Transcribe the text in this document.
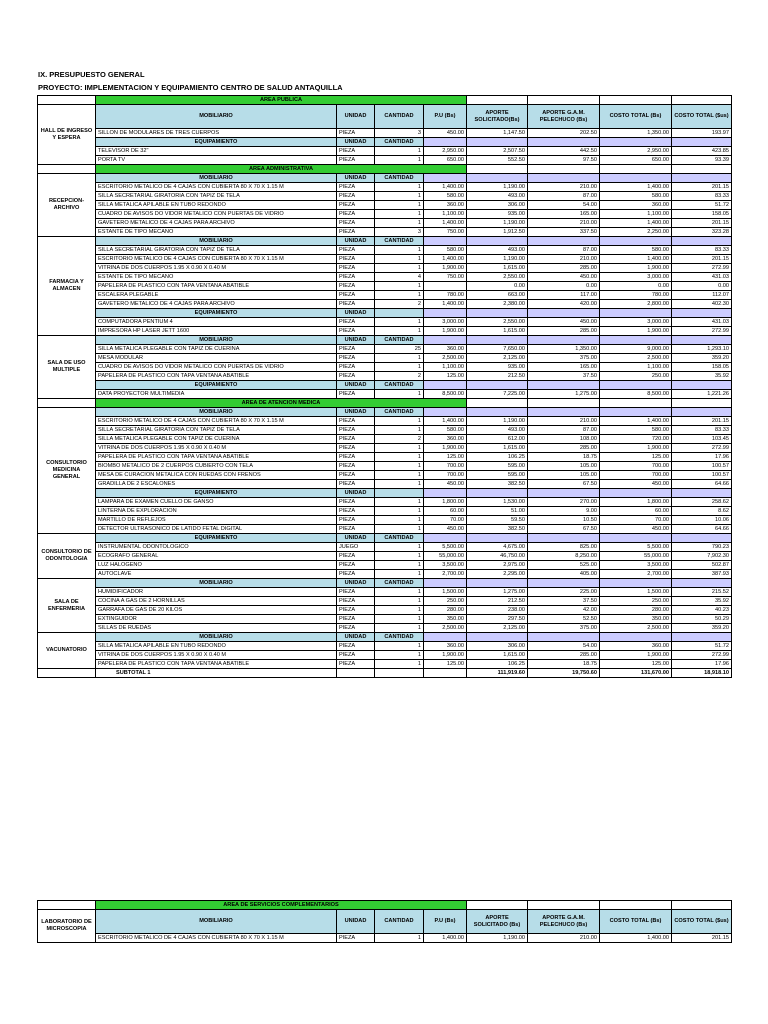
IX. PRESUPUESTO GENERAL
PROYECTO: IMPLEMENTACION Y EQUIPAMIENTO CENTRO DE SALUD ANTAQUILLA
	AREA PUBLICA							
HALL DE INGRESO Y ESPERA	MOBILIARIO	UNIDAD	CANTIDAD	P.U (Bs)	APORTE SOLICITADO(Bs)	APORTE G.A.M. PELECHUCO (Bs)	COSTO TOTAL (Bs)	COSTO TOTAL ($us)
	SILLON DE MODULARES DE TRES CUERPOS	PIEZA	3	450.00	1,147.50	202.50	1,350.00	193.97
	EQUIPAMIENTO	UNIDAD	CANTIDAD					
	TELEVISOR DE 32"	PIEZA	1	2,950.00	2,507.50	442.50	2,950.00	423.85
	PORTA TV	PIEZA	1	650.00	552.50	97.50	650.00	93.39
	AREA ADMINISTRATIVA							
RECEPCION-ARCHIVO	MOBILIARIO	UNIDAD	CANTIDAD					
	ESCRITORIO METALICO DE 4 CAJAS CON CUBIERTA 80 X 70 X 1.15 M	PIEZA	1	1,400.00	1,190.00	210.00	1,400.00	201.15
	SILLA SECRETARIAL GIRATORIA CON TAPIZ DE TELA	PIEZA	1	580.00	493.00	87.00	580.00	83.33
	SILLA METALICA APILABLE EN TUBO REDONDO	PIEZA	1	360.00	306.00	54.00	360.00	51.72
	CUADRO DE AVISOS DO VIDOR METALICO CON PUERTAS DE VIDRIO	PIEZA	1	1,100.00	935.00	165.00	1,100.00	158.05
	GAVETERO METALICO DE 4 CAJAS PARA ARCHIVO	PIEZA	1	1,400.00	1,190.00	210.00	1,400.00	201.15
	ESTANTE DE TIPO MECANO	PIEZA	3	750.00	1,912.50	337.50	2,250.00	323.28
FARMACIA Y ALMACEN	MOBILIARIO	UNIDAD	CANTIDAD					
	SILLA SECRETARIAL GIRATORIA CON TAPIZ DE TELA	PIEZA	1	580.00	493.00	87.00	580.00	83.33
	ESCRITORIO METALICO DE 4 CAJAS CON CUBIERTA 80 X 70 X 1.15 M	PIEZA	1	1,400.00	1,190.00	210.00	1,400.00	201.15
	VITRINA DE DOS CUERPOS 1.95 X 0.90 X 0.40 M	PIEZA	1	1,900.00	1,615.00	285.00	1,900.00	272.99
	ESTANTE DE TIPO MECANO	PIEZA	4	750.00	2,550.00	450.00	3,000.00	431.03
	PAPELERA DE PLASTICO CON TAPA VENTANA ABATIBLE	PIEZA	1		0.00	0.00	0.00	0.00
	ESCALERA PLEGABLE	PIEZA	1	780.00	663.00	117.00	780.00	112.07
	GAVETERO METALICO DE 4 CAJAS PARA ARCHIVO	PIEZA	2	1,400.00	2,380.00	420.00	2,800.00	402.30
	EQUIPAMIENTO	UNIDAD						
	COMPUTADORA PENTIUM 4	PIEZA	1	3,000.00	2,550.00	450.00	3,000.00	431.03
	IMPRESORA HP LASER JETT 1600	PIEZA	1	1,900.00	1,615.00	285.00	1,900.00	272.99
SALA DE USO MULTIPLE	MOBILIARIO	UNIDAD	CANTIDAD					
	SILLA METALICA PLEGABLE CON TAPIZ DE CUERINA	PIEZA	25	360.00	7,650.00	1,350.00	9,000.00	1,293.10
	MESA MODULAR	PIEZA	1	2,500.00	2,125.00	375.00	2,500.00	359.20
	CUADRO DE AVISOS DO VIDOR METALICO CON PUERTAS DE VIDRIO	PIEZA	1	1,100.00	935.00	165.00	1,100.00	158.05
	PAPELERA DE PLASTICO CON TAPA VENTANA ABATIBLE	PIEZA	2	125.00	212.50	37.50	250.00	35.92
	EQUIPAMIENTO	UNIDAD	CANTIDAD					
	DATA PROYECTOR MULTIMEDIA	PIEZA	1	8,500.00	7,225.00	1,275.00	8,500.00	1,221.26
	AREA DE ATENCION MEDICA							
CONSULTORIO MEDICINA GENERAL	MOBILIARIO	UNIDAD	CANTIDAD					
	ESCRITORIO METALICO DE 4 CAJAS CON CUBIERTA 80 X 70 X 1.15 M	PIEZA	1	1,400.00	1,190.00	210.00	1,400.00	201.15
	SILLA SECRETARIAL GIRATORIA CON TAPIZ DE TELA	PIEZA	1	580.00	493.00	87.00	580.00	83.33
	SILLA METALICA PLEGABLE CON TAPIZ DE CUERINA	PIEZA	2	360.00	612.00	108.00	720.00	103.45
	VITRINA DE DOS CUERPOS 1.95 X 0.90 X 0.40 M	PIEZA	1	1,900.00	1,615.00	285.00	1,900.00	272.99
	PAPELERA DE PLASTICO CON TAPA VENTANA ABATIBLE	PIEZA	1	125.00	106.25	18.75	125.00	17.96
	BIOMBO METALICO DE 2 CUERPOS CUBIERTO CON TELA	PIEZA	1	700.00	595.00	105.00	700.00	100.57
	MESA DE CURACION METALICA CON RUEDAS CON FRENOS	PIEZA	1	700.00	595.00	105.00	700.00	100.57
	GRADILLA DE 2 ESCALONES	PIEZA	1	450.00	382.50	67.50	450.00	64.66
	EQUIPAMIENTO	UNIDAD						
	LAMPARA DE EXAMEN CUELLO DE GANSO	PIEZA	1	1,800.00	1,530.00	270.00	1,800.00	258.62
	LINTERNA DE EXPLORACION	PIEZA	1	60.00	51.00	9.00	60.00	8.62
	MARTILLO DE REFLEJOS	PIEZA	1	70.00	59.50	10.50	70.00	10.06
	DETECTOR ULTRASONICO DE LATIDO FETAL DIGITAL	PIEZA	1	450.00	382.50	67.50	450.00	64.66
CONSULTORIO DE ODONTOLOGIA	EQUIPAMIENTO	UNIDAD	CANTIDAD					
	INSTRUMENTAL ODONTOLOGICO	JUEGO	1	5,500.00	4,675.00	825.00	5,500.00	790.23
	ECOGRAFO GENERAL	PIEZA	1	55,000.00	46,750.00	8,250.00	55,000.00	7,902.30
	LUZ HALOGENO	PIEZA	1	3,500.00	2,975.00	525.00	3,500.00	502.87
	AUTOCLAVE	PIEZA	1	2,700.00	2,295.00	405.00	2,700.00	387.93
SALA DE ENFERMERIA	MOBILIARIO	UNIDAD	CANTIDAD					
	HUMIDIFICADOR	PIEZA	1	1,500.00	1,275.00	225.00	1,500.00	215.52
	COCINA A GAS DE 2 HORNILLAS	PIEZA	1	250.00	212.50	37.50	250.00	35.92
	GARRAFA DE GAS DE 20 KILOS	PIEZA	1	280.00	238.00	42.00	280.00	40.23
	EXTINGUIDOR	PIEZA	1	350.00	297.50	52.50	350.00	50.29
	SILLAS DE RUEDAS	PIEZA	1	2,500.00	2,125.00	375.00	2,500.00	359.20
VACUNATORIO	MOBILIARIO	UNIDAD	CANTIDAD					
	SILLA METALICA APILABLE EN TUBO REDONDO	PIEZA	1	360.00	306.00	54.00	360.00	51.72
	VITRINA DE DOS CUERPOS 1.95 X 0.90 X 0.40 M	PIEZA	1	1,900.00	1,615.00	285.00	1,900.00	272.99
	PAPELERA DE PLASTICO CON TAPA VENTANA ABATIBLE	PIEZA	1	125.00	106.25	18.75	125.00	17.96
	SUBTOTAL 1				111,919.60	19,750.60	131,670.00	18,918.10
	AREA DE SERVICIOS COMPLEMENTARIOS							
LABORATORIO DE MICROSCOPIA	MOBILIARIO	UNIDAD	CANTIDAD	P.U (Bs)	APORTE SOLICITADO (Bs)	APORTE G.A.M. PELECHUCO (Bs)	COSTO TOTAL (Bs)	COSTO TOTAL ($us)
	ESCRITORIO METALICO DE 4 CAJAS CON CUBIERTA 80 X 70 X 1.15 M	PIEZA	1	1,400.00	1,190.00	210.00	1,400.00	201.15
